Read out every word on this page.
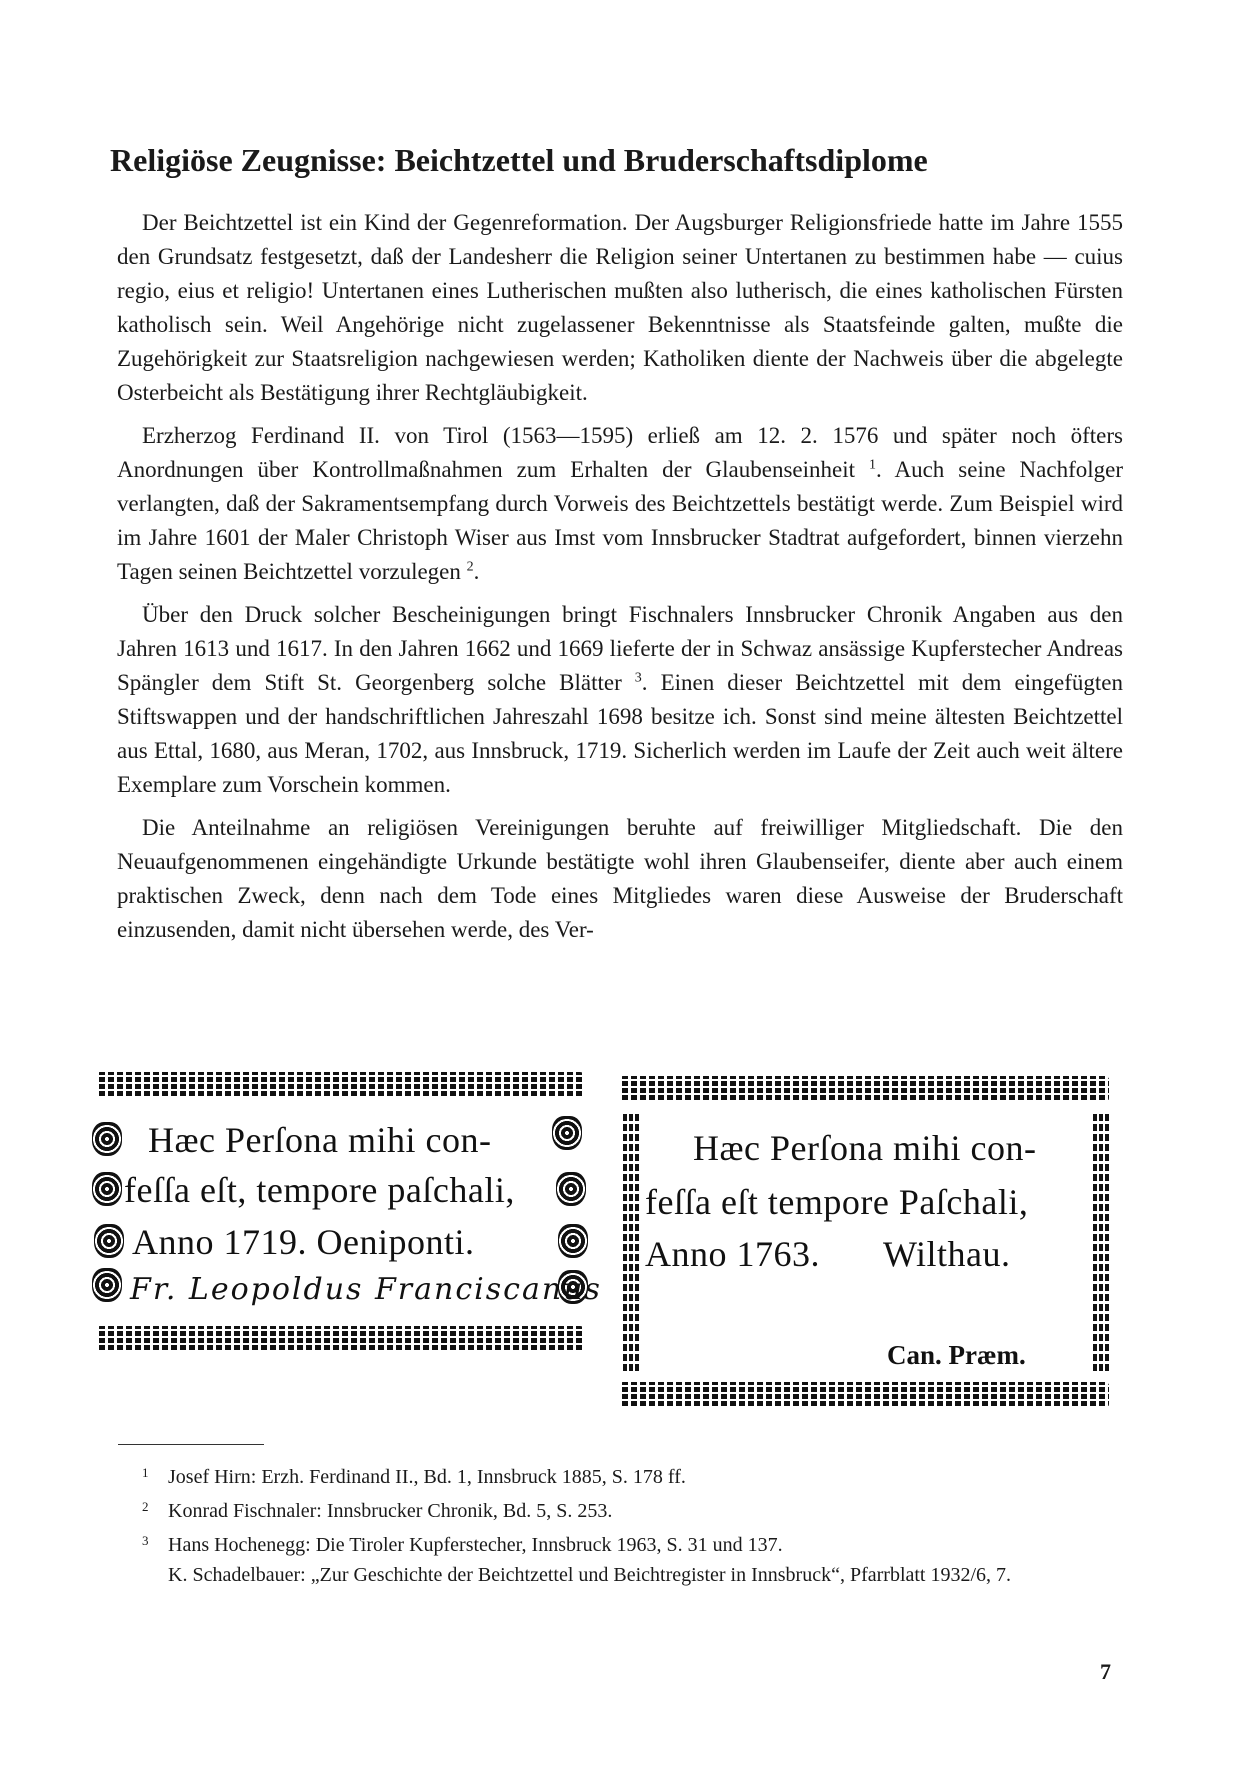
Religiöse Zeugnisse: Beichtzettel und Bruderschaftsdiplome

Der Beichtzettel ist ein Kind der Gegenreformation. Der Augsburger Religionsfriede hatte im Jahre 1555 den Grundsatz festgesetzt, daß der Landesherr die Religion seiner Untertanen zu bestimmen habe — cuius regio, eius et religio! Untertanen eines Lutherischen mußten also lutherisch, die eines katholischen Fürsten katholisch sein. Weil Angehörige nicht zugelassener Bekenntnisse als Staatsfeinde galten, mußte die Zugehörigkeit zur Staatsreligion nachgewiesen werden; Katholiken diente der Nachweis über die abgelegte Osterbeicht als Bestätigung ihrer Rechtgläubigkeit.

Erzherzog Ferdinand II. von Tirol (1563—1595) erließ am 12. 2. 1576 und später noch öfters Anordnungen über Kontrollmaßnahmen zum Erhalten der Glaubenseinheit $^1$. Auch seine Nachfolger verlangten, daß der Sakramentsempfang durch Vorweis des Beichtzettels bestätigt werde. Zum Beispiel wird im Jahre 1601 der Maler Christoph Wiser aus Imst vom Innsbrucker Stadtrat aufgefordert, binnen vierzehn Tagen seinen Beichtzettel vorzulegen $^2$.

Über den Druck solcher Bescheinigungen bringt Fischnalers Innsbrucker Chronik Angaben aus den Jahren 1613 und 1617. In den Jahren 1662 und 1669 lieferte der in Schwaz ansässige Kupferstecher Andreas Spängler dem Stift St. Georgenberg solche Blätter $^3$. Einen dieser Beichtzettel mit dem eingefügten Stiftswappen und der handschriftlichen Jahreszahl 1698 besitze ich. Sonst sind meine ältesten Beichtzettel aus Ettal, 1680, aus Meran, 1702, aus Innsbruck, 1719. Sicherlich werden im Laufe der Zeit auch weit ältere Exemplare zum Vorschein kommen.

Die Anteilnahme an religiösen Vereinigungen beruhte auf freiwilliger Mitgliedschaft. Die den Neuaufgenommenen eingehändigte Urkunde bestätigte wohl ihren Glaubenseifer, diente aber auch einem praktischen Zweck, denn nach dem Tode eines Mitgliedes waren diese Ausweise der Bruderschaft einzusenden, damit nicht übersehen werde, des Ver-

Hæc Perſona mihi con-
feſſa eſt, tempore paſchali,
Anno 1719. Oeniponti.
Fr. Leopoldus Franciscanus
Hæc Perſona mihi con-
feſſa eſt tempore Paſchali,
Anno 1763. Wilthau.
Can. Præm.
1 Josef Hirn: Erzh. Ferdinand II., Bd. 1, Innsbruck 1885, S. 178 ff.
2 Konrad Fischnaler: Innsbrucker Chronik, Bd. 5, S. 253.
3 Hans Hochenegg: Die Tiroler Kupferstecher, Innsbruck 1963, S. 31 und 137.
K. Schadelbauer: „Zur Geschichte der Beichtzettel und Beichtregister in Innsbruck“, Pfarrblatt 1932/6, 7.
7
